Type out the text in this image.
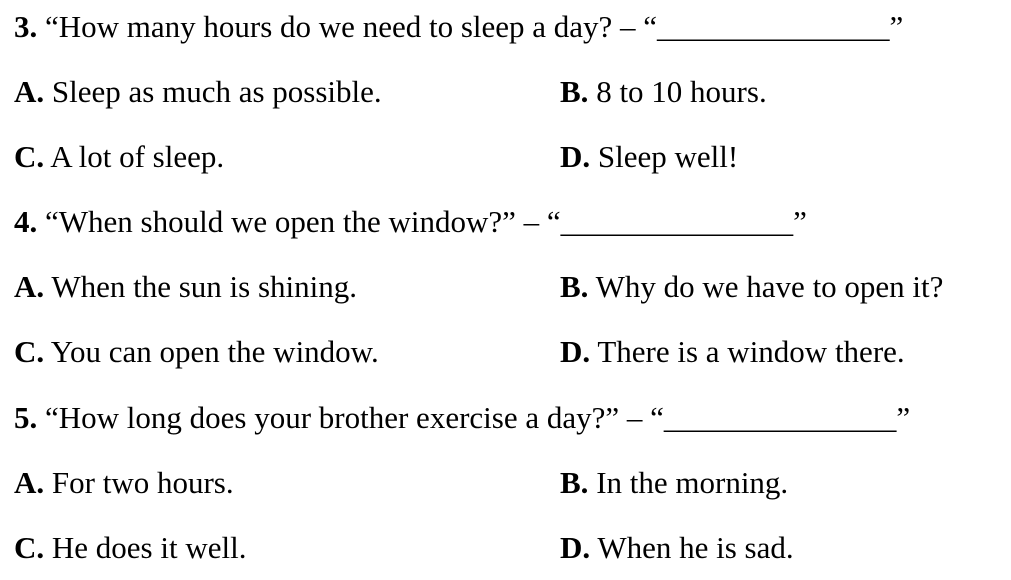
3. “How many hours do we need to sleep a day? – “_______________”
A. Sleep as much as possible.	B. 8 to 10 hours.
C. A lot of sleep.	D. Sleep well!
4. “When should we open the window?” – “_______________”
A. When the sun is shining.	B. Why do we have to open it?
C. You can open the window.	D. There is a window there.
5. “How long does your brother exercise a day?” – “_______________”
A. For two hours.	B. In the morning.
C. He does it well.	D. When he is sad.
